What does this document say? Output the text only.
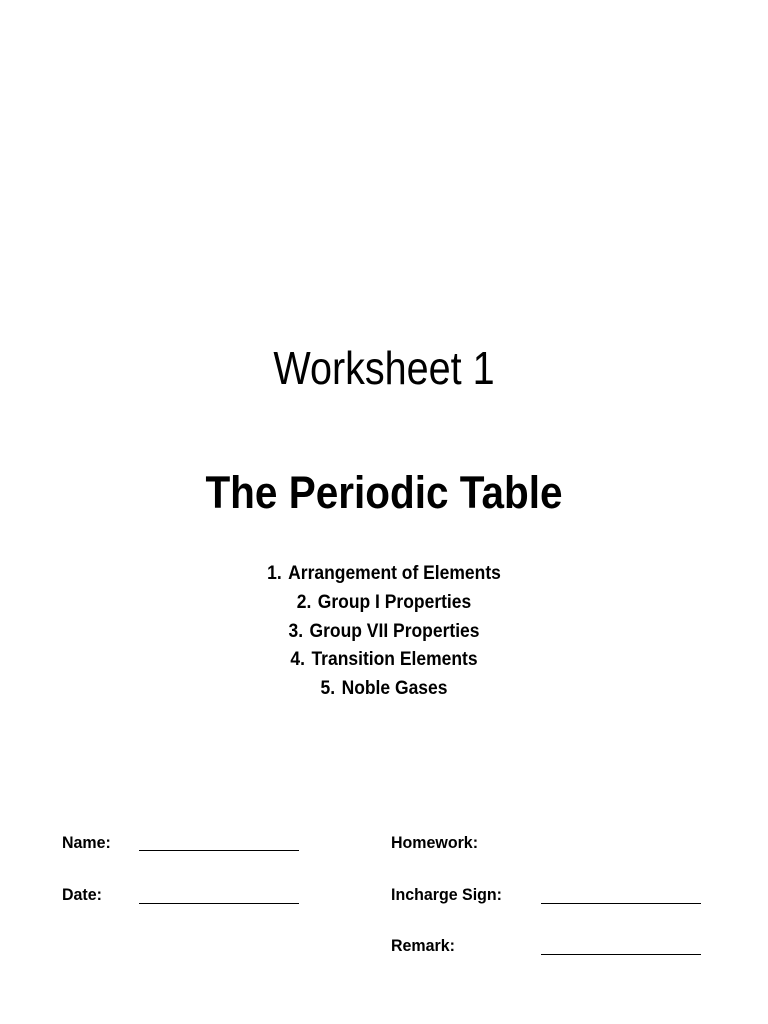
Worksheet 1
The Periodic Table
1. Arrangement of Elements
2. Group I Properties
3. Group VII Properties
4. Transition Elements
5. Noble Gases
Name:
Date:
Homework:
Incharge Sign:
Remark:
